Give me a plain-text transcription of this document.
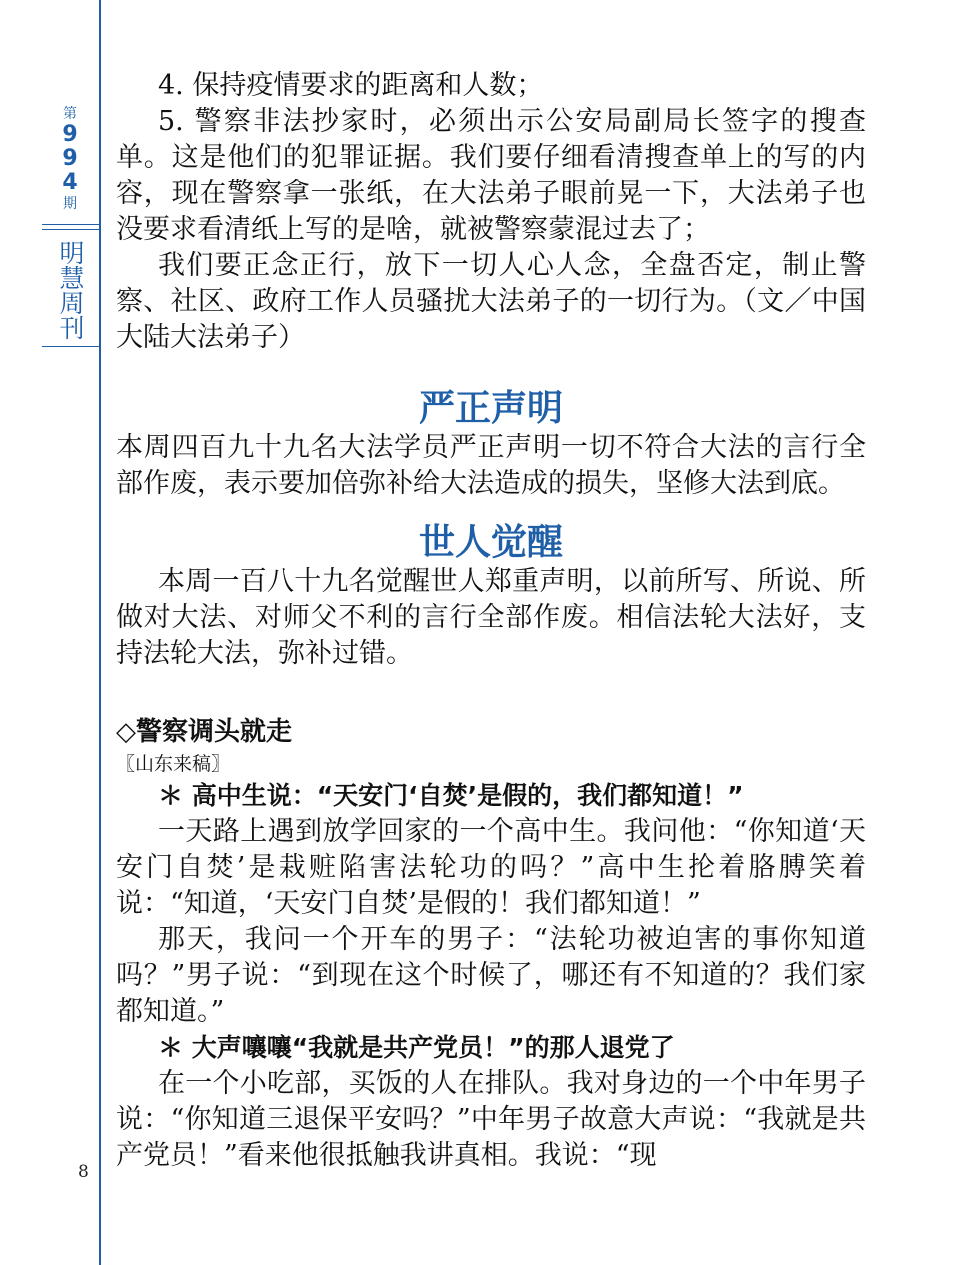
第
9
9
4
期
明慧周刊
8

4. 保持疫情要求的距离和人数；

5. 警察非法抄家时，必须出示公安局副局长签字的搜查单。这是他们的犯罪证据。我们要仔细看清搜查单上的写的内容，现在警察拿一张纸，在大法弟子眼前晃一下，大法弟子也没要求看清纸上写的是啥，就被警察蒙混过去了；

我们要正念正行，放下一切人心人念，全盘否定，制止警察、社区、政府工作人员骚扰大法弟子的一切行为。（文／中国大陆大法弟子）

严正声明

本周四百九十九名大法学员严正声明一切不符合大法的言行全部作废，表示要加倍弥补给大法造成的损失，坚修大法到底。

世人觉醒

本周一百八十九名觉醒世人郑重声明，以前所写、所说、所做对大法、对师父不利的言行全部作废。相信法轮大法好，支持法轮大法，弥补过错。

◇警察调头就走

〖山东来稿〗

＊ 高中生说：“天安门‘自焚’是假的，我们都知道！”

一天路上遇到放学回家的一个高中生。我问他：“你知道‘天安门自焚’是栽赃陷害法轮功的吗？”高中生抡着胳膊笑着说：“知道，‘天安门自焚’是假的！我们都知道！”

那天，我问一个开车的男子：“法轮功被迫害的事你知道吗？”男子说：“到现在这个时候了，哪还有不知道的？我们家都知道。”

＊ 大声嚷嚷“我就是共产党员！”的那人退党了

在一个小吃部，买饭的人在排队。我对身边的一个中年男子说：“你知道三退保平安吗？”中年男子故意大声说：“我就是共产党员！”看来他很抵触我讲真相。我说：“现
